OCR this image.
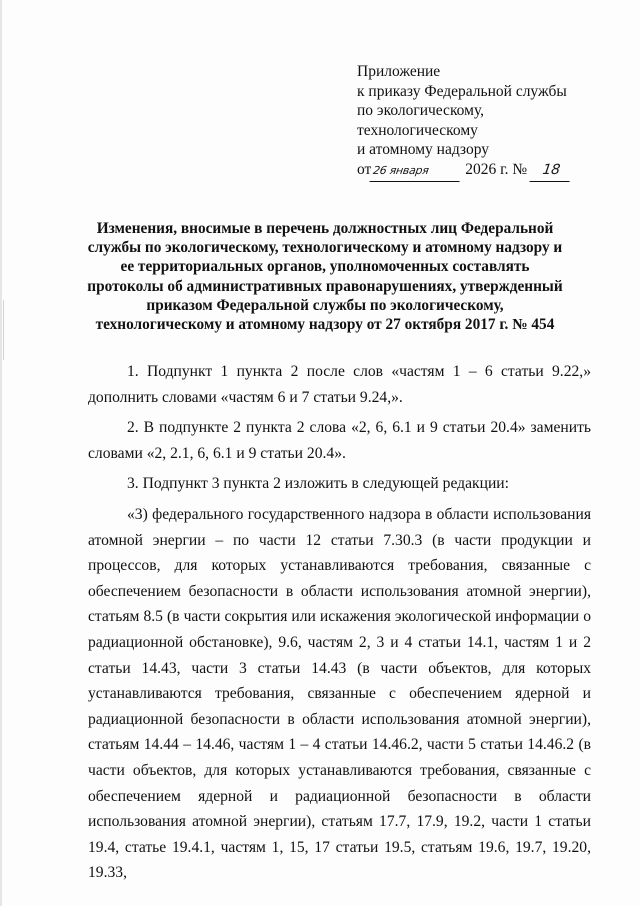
Приложение
к приказу Федеральной службы
по экологическому,
технологическому
и атомному надзору
от26 января 2026 г. № 18
Изменения, вносимые в перечень должностных лиц Федеральной службы по экологическому, технологическому и атомному надзору и ее территориальных органов, уполномоченных составлять протоколы об административных правонарушениях, утвержденный приказом Федеральной службы по экологическому, технологическому и атомному надзору от 27 октября 2017 г. № 454

1. Подпункт 1 пункта 2 после слов «частям 1 – 6 статьи 9.22,» дополнить словами «частям 6 и 7 статьи 9.24,».

2. В подпункте 2 пункта 2 слова «2, 6, 6.1 и 9 статьи 20.4» заменить словами «2, 2.1, 6, 6.1 и 9 статьи 20.4».

3. Подпункт 3 пункта 2 изложить в следующей редакции:

«3) федерального государственного надзора в области использования атомной энергии – по части 12 статьи 7.30.3 (в части продукции и процессов, для которых устанавливаются требования, связанные с обеспечением безопасности в области использования атомной энергии), статьям 8.5 (в части сокрытия или искажения экологической информации о радиационной обстановке), 9.6, частям 2, 3 и 4 статьи 14.1, частям 1 и 2 статьи 14.43, части 3 статьи 14.43 (в части объектов, для которых устанавливаются требования, связанные с обеспечением ядерной и радиационной безопасности в области использования атомной энергии), статьям 14.44 – 14.46, частям 1 – 4 статьи 14.46.2, части 5 статьи 14.46.2 (в части объектов, для которых устанавливаются требования, связанные с обеспечением ядерной и радиационной безопасности в области использования атомной энергии), статьям 17.7, 17.9, 19.2, части 1 статьи 19.4, статье 19.4.1, частям 1, 15, 17 статьи 19.5, статьям 19.6, 19.7, 19.20, 19.33,
